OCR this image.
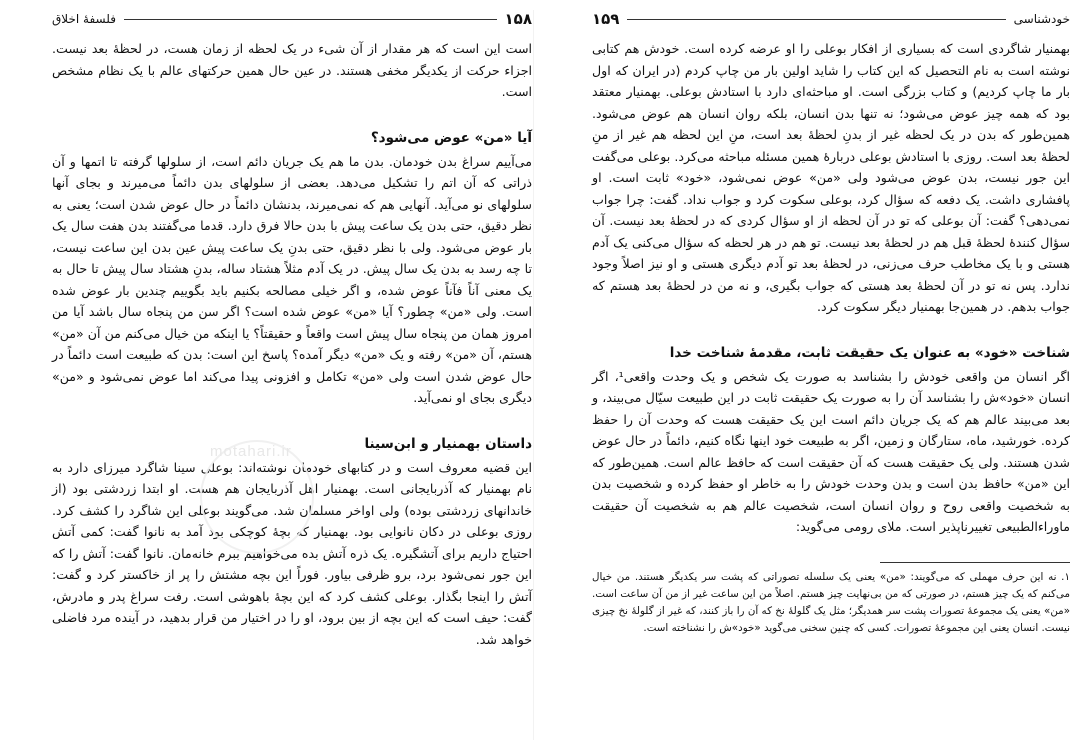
فلسفهٔ اخلاق	۱۵۸

است این است که هر مقدار از آن شیء در یک لحظه از زمان هست، در لحظهٔ بعد نیست. اجزاء حرکت از یکدیگر مخفی هستند. در عین حال همین حرکتهای عالم با یک نظام مشخص است.

آیا «من» عوض می‌شود؟

می‌آییم سراغ بدن خودمان. بدن ما هم یک جریان دائم است، از سلولها گرفته تا اتمها و آن ذراتی که آن اتم را تشکیل می‌دهد. بعضی از سلولهای بدن دائماً می‌میرند و بجای آنها سلولهای نو می‌آید. آنهایی هم که نمی‌میرند، بدنشان دائماً در حال عوض شدن است؛ یعنی به نظر دقیق، حتی بدن یک ساعت پیش با بدن حالا فرق دارد. قدما می‌گفتند بدن هفت سال یک بار عوض می‌شود. ولی با نظر دقیق، حتی بدنِ یک ساعت پیش عین بدن این ساعت نیست، تا چه رسد به بدن یک سال پیش. در یک آدم مثلاً هشتاد ساله، بدنِ هشتاد سال پیش تا حال به یک معنی آناً فآناً عوض شده، و اگر خیلی مصالحه بکنیم باید بگوییم چندین بار عوض شده است. ولی «من» چطور؟ آیا «من» عوض شده است؟ اگر سن من پنجاه سال باشد آیا من امروز همان من پنجاه سال پیش است واقعاً و حقیقتاً؟ یا اینکه من خیال می‌کنم من آن «من» هستم، آن «من» رفته و یک «من» دیگر آمده؟ پاسخ این است: بدن که طبیعت است دائماً در حال عوض شدن است ولی «من» تکامل و افزونی پیدا می‌کند اما عوض نمی‌شود و «من» دیگری بجای او نمی‌آید.

داستان بهمنیار و ابن‌سینا

این قضیه معروف است و در کتابهای خودمان نوشته‌اند: بوعلی سینا شاگرد میرزای دارد به نام بهمنیار که آذربایجانی است. بهمنیار اهل آذربایجان هم هست. او ابتدا زردشتی بود (از خاندانهای زردشتی بوده) ولی اواخر مسلمان شد. می‌گویند بوعلی این شاگرد را کشف کرد. روزی بوعلی در دکان نانوایی بود. بهمنیار که بچهٔ کوچکی بود آمد به نانوا گفت: کمی آتش احتیاج داریم برای آتشگیره. یک ذره آتش بده می‌خواهیم ببرم خانه‌مان. نانوا گفت: آتش را که این جور نمی‌شود برد، برو ظرفی بیاور. فوراً این بچه مشتش را پر از خاکستر کرد و گفت: آتش را اینجا بگذار. بوعلی کشف کرد که این بچهٔ باهوشی است. رفت سراغ پدر و مادرش، گفت: حیف است که این بچه از بین برود، او را در اختیار من قرار بدهید، در آینده مرد فاضلی خواهد شد.

۱۵۹	خودشناسی

بهمنیار شاگردی است که بسیاری از افکار بوعلی را او عرضه کرده است. خودش هم کتابی نوشته است به نام التحصیل که این کتاب را شاید اولین بار من چاپ کردم (در ایران که اول بار ما چاپ کردیم) و کتاب بزرگی است. او مباحثه‌ای دارد با استادش بوعلی. بهمنیار معتقد بود که همه چیز عوض می‌شود؛ نه تنها بدن انسان، بلکه روان انسان هم عوض می‌شود. همین‌طور که بدن در یک لحظه غیر از بدنِ لحظهٔ بعد است، منِ این لحظه هم غیر از منِ لحظهٔ بعد است. روزی با استادش بوعلی دربارهٔ همین مسئله مباحثه می‌کرد. بوعلی می‌گفت این جور نیست، بدن عوض می‌شود ولی «من» عوض نمی‌شود، «خود» ثابت است. او پافشاری داشت. یک دفعه که سؤال کرد، بوعلی سکوت کرد و جواب نداد. گفت: چرا جواب نمی‌دهی؟ گفت: آن بوعلی که تو در آن لحظه از او سؤال کردی که در لحظهٔ بعد نیست. آن سؤال کنندهٔ لحظهٔ قبل هم در لحظهٔ بعد نیست. تو هم در هر لحظه که سؤال می‌کنی یک آدم هستی و با یک مخاطب حرف می‌زنی، در لحظهٔ بعد تو آدم دیگری هستی و او نیز اصلاً وجود ندارد. پس نه تو در آن لحظهٔ بعد هستی که جواب بگیری، و نه من در لحظهٔ بعد هستم که جواب بدهم. در همین‌جا بهمنیار دیگر سکوت کرد.

شناخت «خود» به عنوان یک حقیقت ثابت، مقدمهٔ شناخت خدا

اگر انسان من واقعی خودش را بشناسد به صورت یک شخص و یک وحدت واقعی¹، اگر انسان «خود»ش را بشناسد آن را به صورت یک حقیقت ثابت در این طبیعت سیّال می‌بیند، و بعد می‌بیند عالم هم که یک جریان دائم است این یک حقیقت هست که وحدت آن را حفظ کرده. خورشید، ماه، ستارگان و زمین، اگر به طبیعت خود اینها نگاه کنیم، دائماً در حال عوض شدن هستند. ولی یک حقیقت هست که آن حقیقت است که حافظ عالم است. همین‌طور که این «من» حافظ بدن است و بدن وحدت خودش را به خاطر او حفظ کرده و شخصیت بدن به شخصیت واقعی روح و روان انسان است، شخصیت عالم هم به شخصیت آن حقیقت ماوراءالطبیعی تغییرناپذیر است. ملای رومی می‌گوید:

۱. نه این حرف مهملی که می‌گویند: «من» یعنی یک سلسله تصوراتی که پشت سر یکدیگر هستند. من خیال می‌کنم که یک چیز هستم، در صورتی که من بی‌نهایت چیز هستم. اصلاً من این ساعت غیر از من آن ساعت است. «من» یعنی یک مجموعهٔ تصورات پشت سر همدیگر؛ مثل یک گلولهٔ نخ که آن را باز کنند، که غیر از گلولهٔ نخ چیزی نیست. انسان یعنی این مجموعهٔ تصورات. کسی که چنین سخنی می‌گوید «خود»ش را نشناخته است.

motahari.ir
